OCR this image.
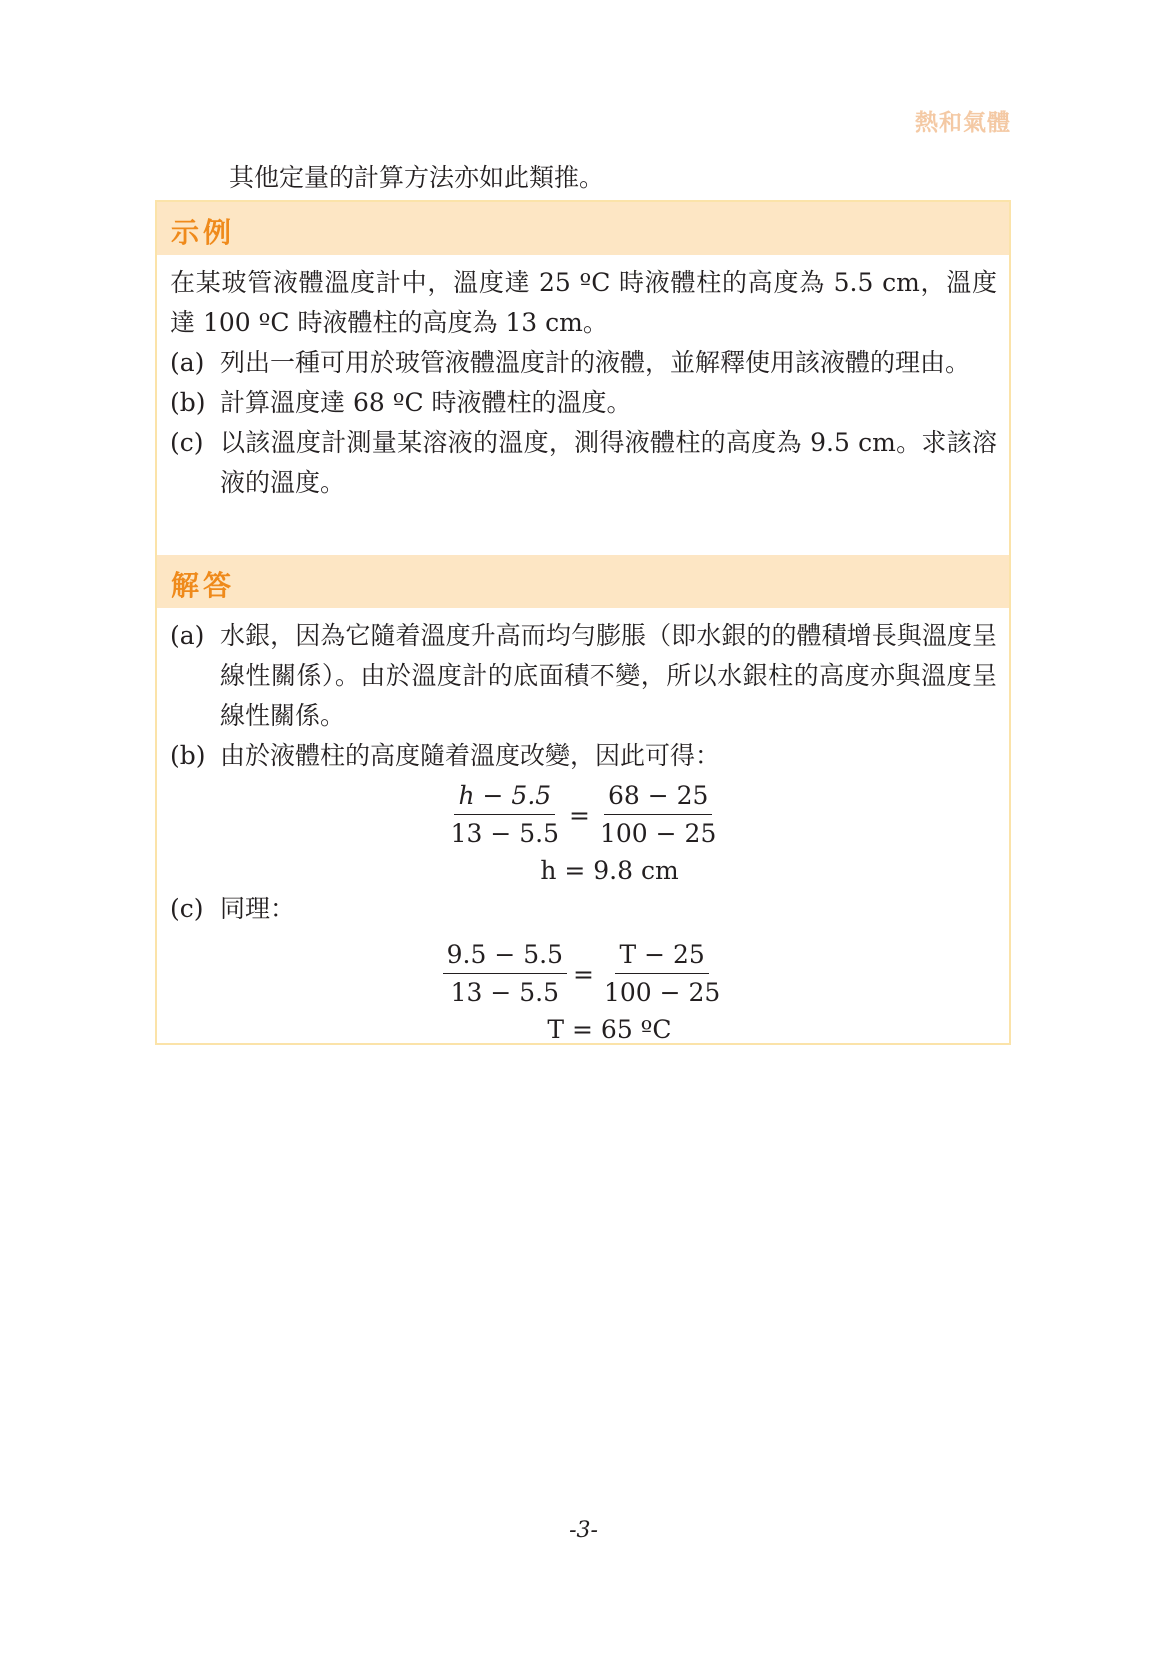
熱和氣體

其他定量的計算方法亦如此類推。

示例

在某玻管液體溫度計中，溫度達 25 ºC 時液體柱的高度為 5.5 cm，溫度達 100 ºC 時液體柱的高度為 13 cm。

(a) 列出一種可用於玻管液體溫度計的液體，並解釋使用該液體的理由。
(b) 計算溫度達 68 ºC 時液體柱的溫度。
(c) 以該溫度計測量某溶液的溫度，測得液體柱的高度為 9.5 cm。求該溶液的溫度。
解答
(a) 水銀，因為它隨着溫度升高而均勻膨脹（即水銀的的體積增長與溫度呈線性關係）。由於溫度計的底面積不變，所以水銀柱的高度亦與溫度呈線性關係。
(b) 由於液體柱的高度隨着溫度改變，因此可得：
$\frac{h - 5.5}{13 - 5.5} = \frac{68 - 25}{100 - 25}$
h = 9.8 cm
(c) 同理：
$\frac{9.5 - 5.5}{13 - 5.5} = \frac{T - 25}{100 - 25}$
T = 65 ºC
-3-
